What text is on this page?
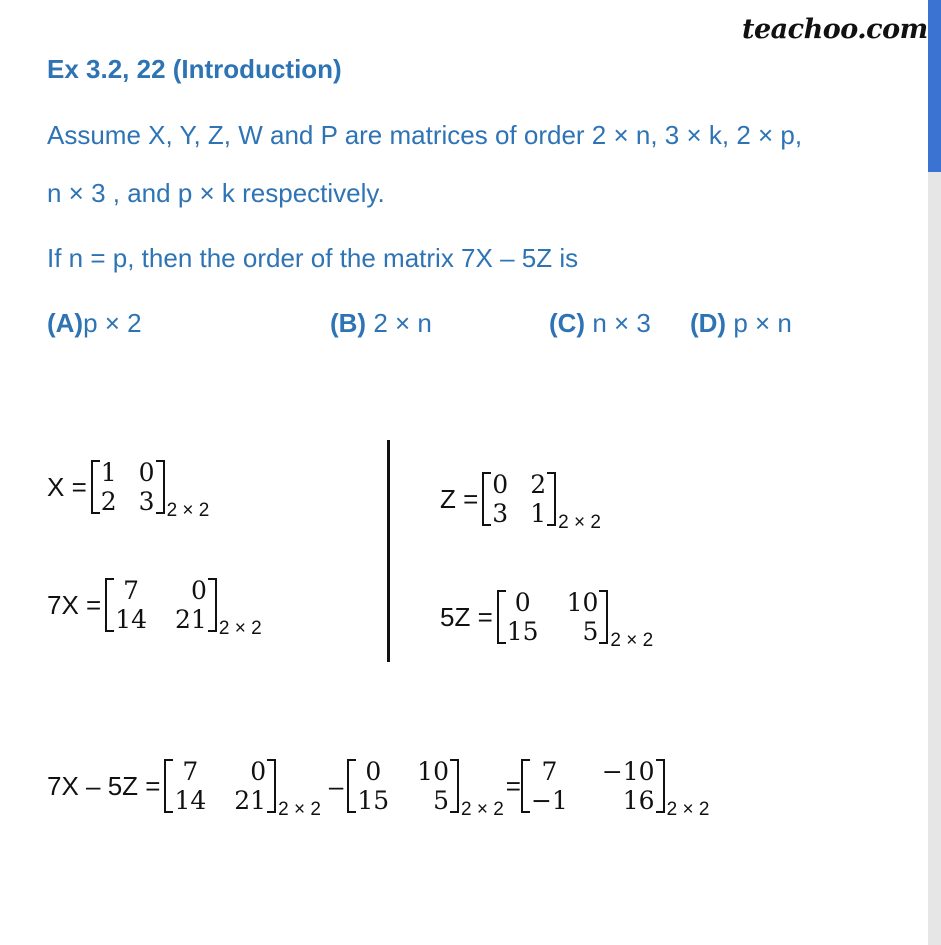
teachoo.com
Ex 3.2, 22 (Introduction)
Assume X, Y, Z, W and P are matrices of order 2 × n, 3 × k, 2 × p,
n × 3 , and p × k respectively.
If n = p, then the order of the matrix 7X – 5Z is
(A)p × 2	(B) 2 × n	(C) n × 3 (D) p × n
X = 1 0
2 3 2 × 2
7X = 7	0
14 21 2 × 2
Z = 0 2
3 1 2 × 2
5Z = 0	10
15	5 2 × 2
7X – 5Z = 7	0
14 21 2 × 2
– 0	10
15	5 2 × 2
= 7	−10
−1	16 2 × 2
